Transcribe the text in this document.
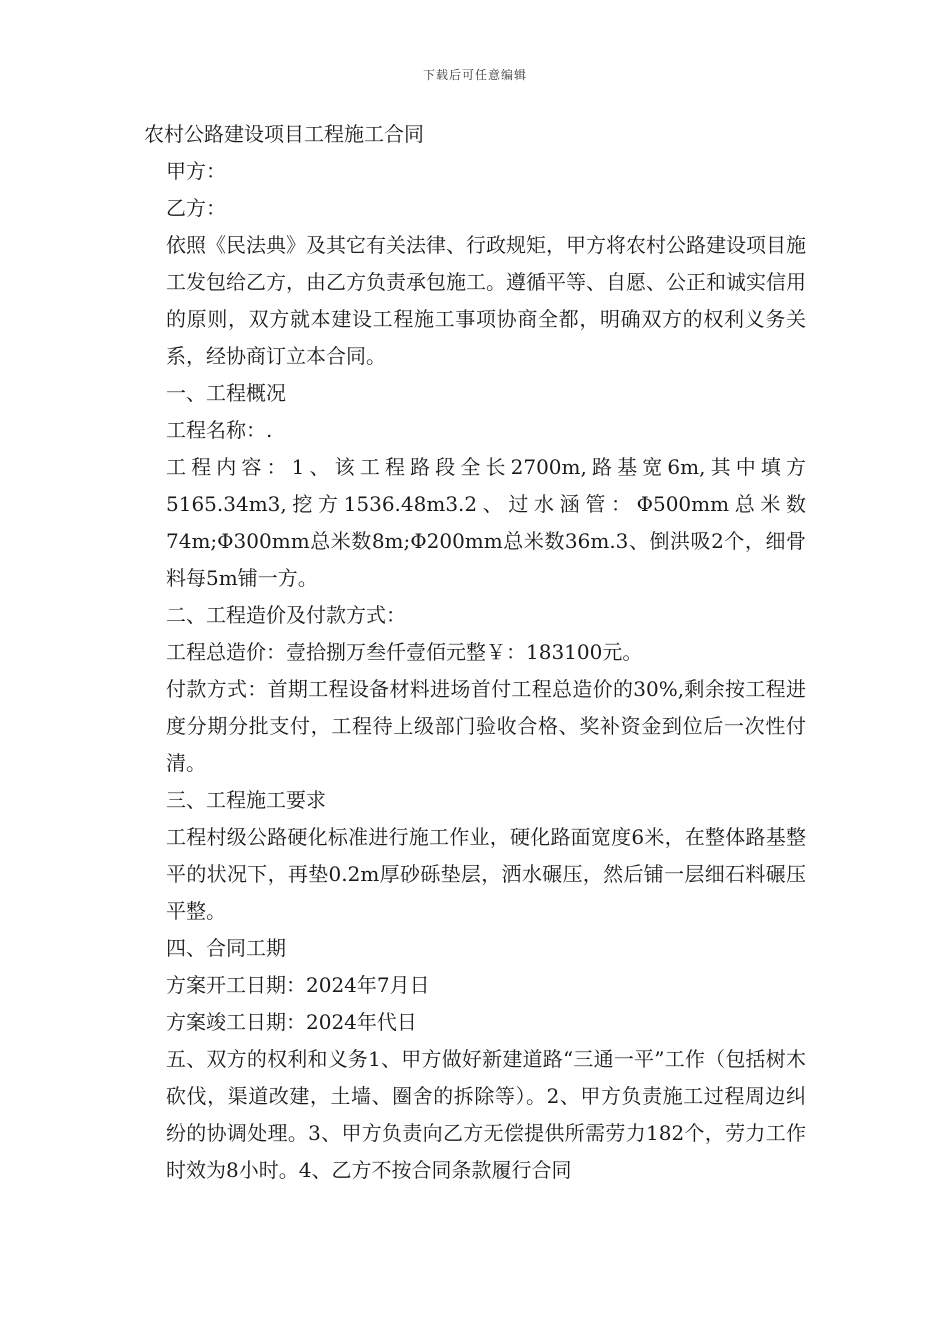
下载后可任意编辑

农村公路建设项目工程施工合同

甲方：

乙方：

依照《民法典》及其它有关法律、行政规矩，甲方将农村公路建设项目施工发包给乙方，由乙方负责承包施工。遵循平等、自愿、公正和诚实信用的原则，双方就本建设工程施工事项协商全都，明确双方的权利义务关系，经协商订立本合同。

一、工程概况

工程名称：.

工程内容：1、该工程路段全长2700m,路基宽6m,其中填方5165.34m3,挖方1536.48m3.2、过水涵管：Φ500mm总米数74m;Φ300mm总米数8m;Φ200mm总米数36m.3、倒洪吸2个，细骨料每5m铺一方。

二、工程造价及付款方式：

工程总造价：壹拾捌万叁仟壹佰元整￥：183100元。

付款方式：首期工程设备材料进场首付工程总造价的30%,剩余按工程进度分期分批支付，工程待上级部门验收合格、奖补资金到位后一次性付清。

三、工程施工要求

工程村级公路硬化标准进行施工作业，硬化路面宽度6米，在整体路基整平的状况下，再垫0.2m厚砂砾垫层，洒水碾压，然后铺一层细石料碾压平整。

四、合同工期

方案开工日期：2024年7月日

方案竣工日期：2024年代日

五、双方的权利和义务1、甲方做好新建道路“三通一平”工作（包括树木砍伐，渠道改建，土墙、圈舍的拆除等）。2、甲方负责施工过程周边纠纷的协调处理。3、甲方负责向乙方无偿提供所需劳力182个，劳力工作时效为8小时。4、乙方不按合同条款履行合同
